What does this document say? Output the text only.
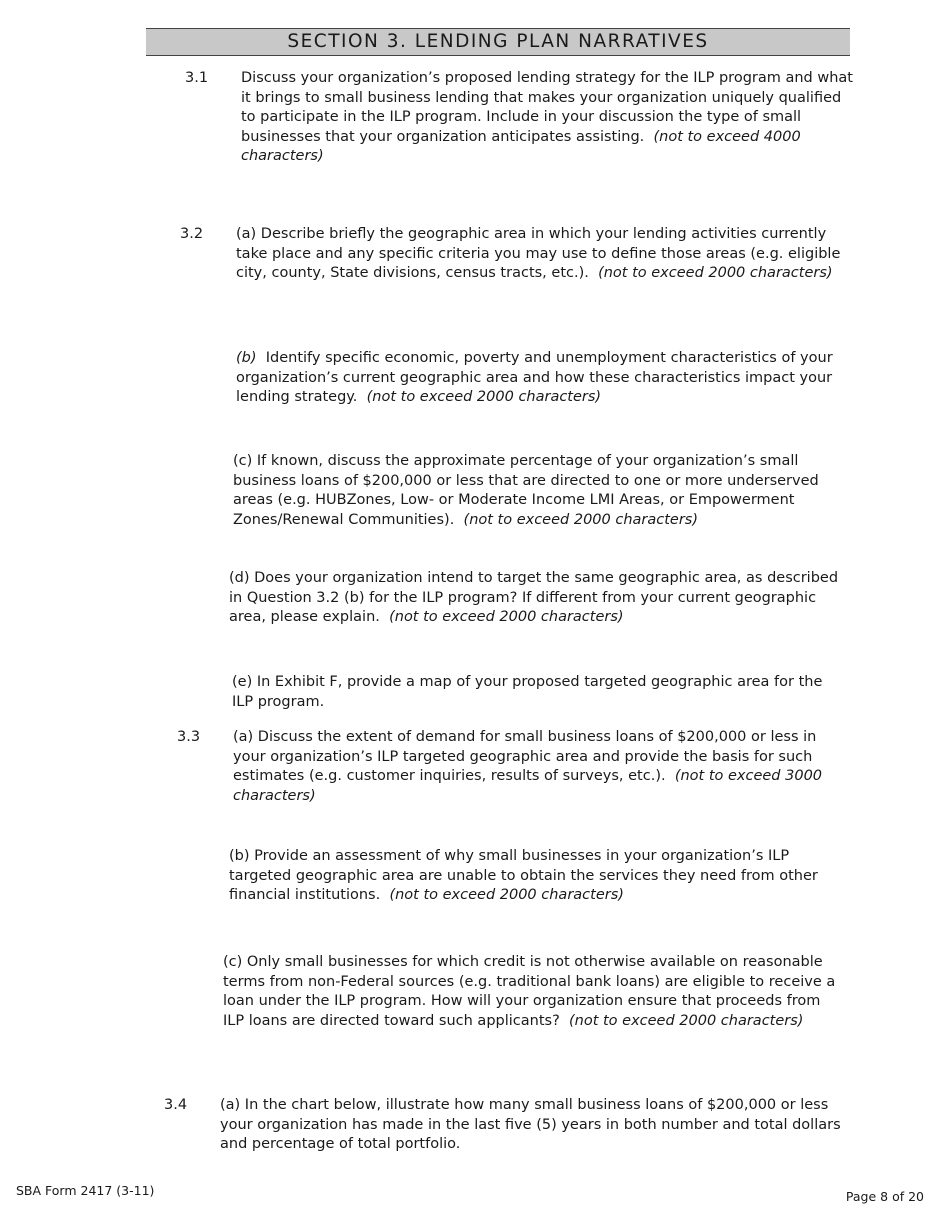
SECTION 3. LENDING PLAN NARRATIVES
3.1 Discuss your organization’s proposed lending strategy for the ILP program and what it brings to small business lending that makes your organization uniquely qualified to participate in the ILP program. Include in your discussion the type of small businesses that your organization anticipates assisting. (not to exceed 4000 characters)

3.2 (a) Describe briefly the geographic area in which your lending activities currently take place and any specific criteria you may use to define those areas (e.g. eligible city, county, State divisions, census tracts, etc.). (not to exceed 2000 characters)

(b) Identify specific economic, poverty and unemployment characteristics of your organization’s current geographic area and how these characteristics impact your lending strategy. (not to exceed 2000 characters)

(c) If known, discuss the approximate percentage of your organization’s small business loans of $200,000 or less that are directed to one or more underserved areas (e.g. HUBZones, Low- or Moderate Income LMI Areas, or Empowerment Zones/Renewal Communities). (not to exceed 2000 characters)

(d) Does your organization intend to target the same geographic area, as described in Question 3.2 (b) for the ILP program? If different from your current geographic area, please explain. (not to exceed 2000 characters)

(e) In Exhibit F, provide a map of your proposed targeted geographic area for the ILP program.

3.3 (a) Discuss the extent of demand for small business loans of $200,000 or less in your organization’s ILP targeted geographic area and provide the basis for such estimates (e.g. customer inquiries, results of surveys, etc.). (not to exceed 3000 characters)

(b) Provide an assessment of why small businesses in your organization’s ILP targeted geographic area are unable to obtain the services they need from other financial institutions. (not to exceed 2000 characters)

(c) Only small businesses for which credit is not otherwise available on reasonable terms from non-Federal sources (e.g. traditional bank loans) are eligible to receive a loan under the ILP program. How will your organization ensure that proceeds from ILP loans are directed toward such applicants? (not to exceed 2000 characters)

3.4 (a) In the chart below, illustrate how many small business loans of $200,000 or less your organization has made in the last five (5) years in both number and total dollars and percentage of total portfolio.

SBA Form 2417 (3-11)	Page 8 of 20
